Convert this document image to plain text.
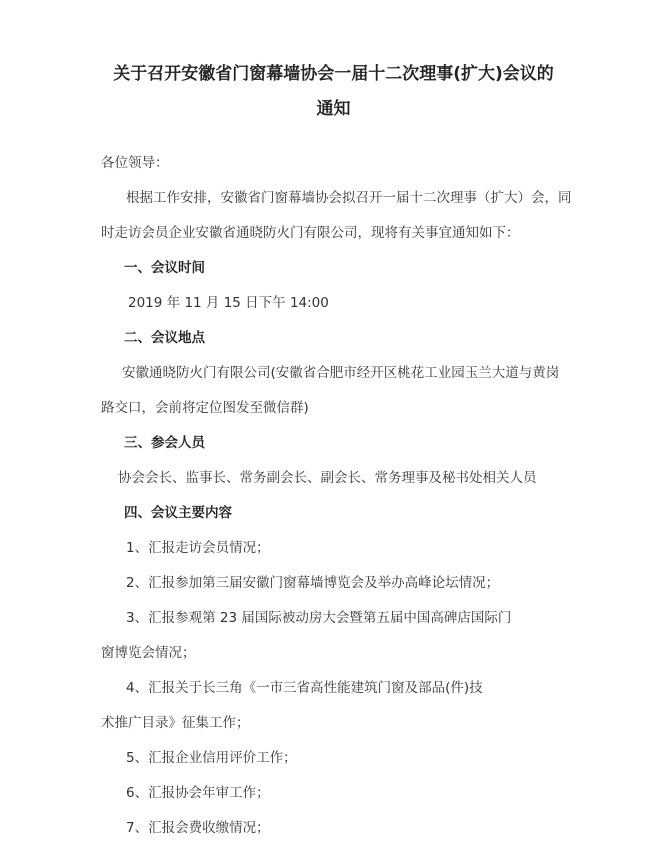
关于召开安徽省门窗幕墙协会一届十二次理事(扩大)会议的
通知
各位领导：
根据工作安排，安徽省门窗幕墙协会拟召开一届十二次理事（扩大）会，同
时走访会员企业安徽省通晓防火门有限公司，现将有关事宜通知如下：
一、会议时间
2019 年 11 月 15 日下午 14:00
二、会议地点
安徽通晓防火门有限公司(安徽省合肥市经开区桃花工业园玉兰大道与黄岗
路交口，会前将定位图发至微信群)
三、参会人员
协会会长、监事长、常务副会长、副会长、常务理事及秘书处相关人员
四、会议主要内容
1、汇报走访会员情况；
2、汇报参加第三届安徽门窗幕墙博览会及举办高峰论坛情况；
3、汇报参观第 23 届国际被动房大会暨第五届中国高碑店国际门
窗博览会情况；
4、汇报关于长三角《一市三省高性能建筑门窗及部品(件)技
术推广目录》征集工作；
5、汇报企业信用评价工作；
6、汇报协会年审工作；
7、汇报会费收缴情况；
